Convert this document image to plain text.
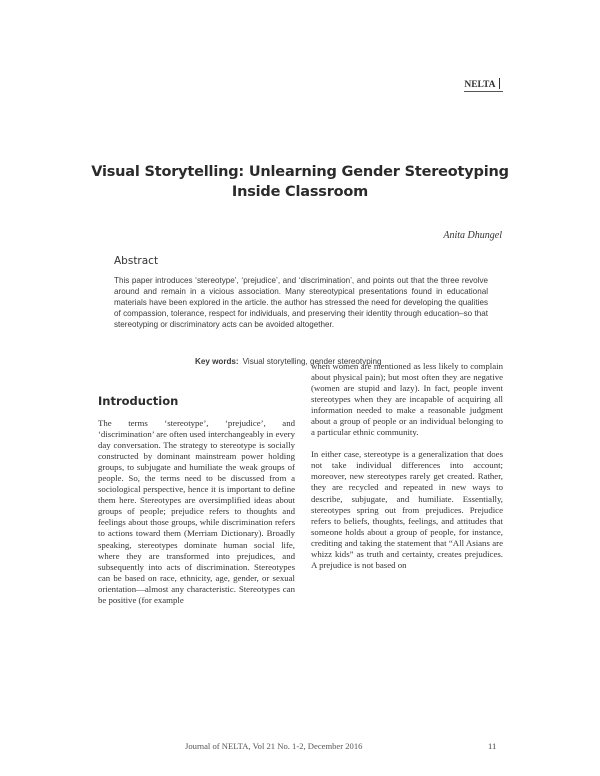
NELTA
Visual Storytelling: Unlearning Gender Stereotyping
Inside Classroom
Anita Dhungel
Abstract
This paper introduces ‘stereotype’, ‘prejudice’, and ‘discrimination’, and points out that the three revolve around and remain in a vicious association. Many stereotypical presentations found in educational materials have been explored in the article. the author has stressed the need for developing the qualities of compassion, tolerance, respect for individuals, and preserving their identity through education–so that stereotyping or discriminatory acts can be avoided altogether.
Key words: Visual storytelling, gender stereotyping
Introduction

The terms ‘stereotype’, ‘prejudice’, and ‘discrimination’ are often used interchangeably in every day conversation. The strategy to stereotype is socially constructed by dominant mainstream power holding groups, to subjugate and humiliate the weak groups of people. So, the terms need to be discussed from a sociological perspective, hence it is important to define them here. Stereotypes are oversimplified ideas about groups of people; prejudice refers to thoughts and feelings about those groups, while discrimination refers to actions toward them (Merriam Dictionary). Broadly speaking, stereotypes dominate human social life, where they are transformed into prejudices, and subsequently into acts of discrimination. Stereotypes can be based on race, ethnicity, age, gender, or sexual orientation—almost any characteristic. Stereotypes can be positive (for example

when women are mentioned as less likely to complain about physical pain); but most often they are negative (women are stupid and lazy). In fact, people invent stereotypes when they are incapable of acquiring all information needed to make a reasonable judgment about a group of people or an individual belonging to a particular ethnic community.

In either case, stereotype is a generalization that does not take individual differences into account; moreover, new stereotypes rarely get created. Rather, they are recycled and repeated in new ways to describe, subjugate, and humiliate. Essentially, stereotypes spring out from prejudices. Prejudice refers to beliefs, thoughts, feelings, and attitudes that someone holds about a group of people, for instance, crediting and taking the statement that “All Asians are whizz kids” as truth and certainty, creates prejudices. A prejudice is not based on

Journal of NELTA, Vol 21 No. 1-2, December 2016	11
